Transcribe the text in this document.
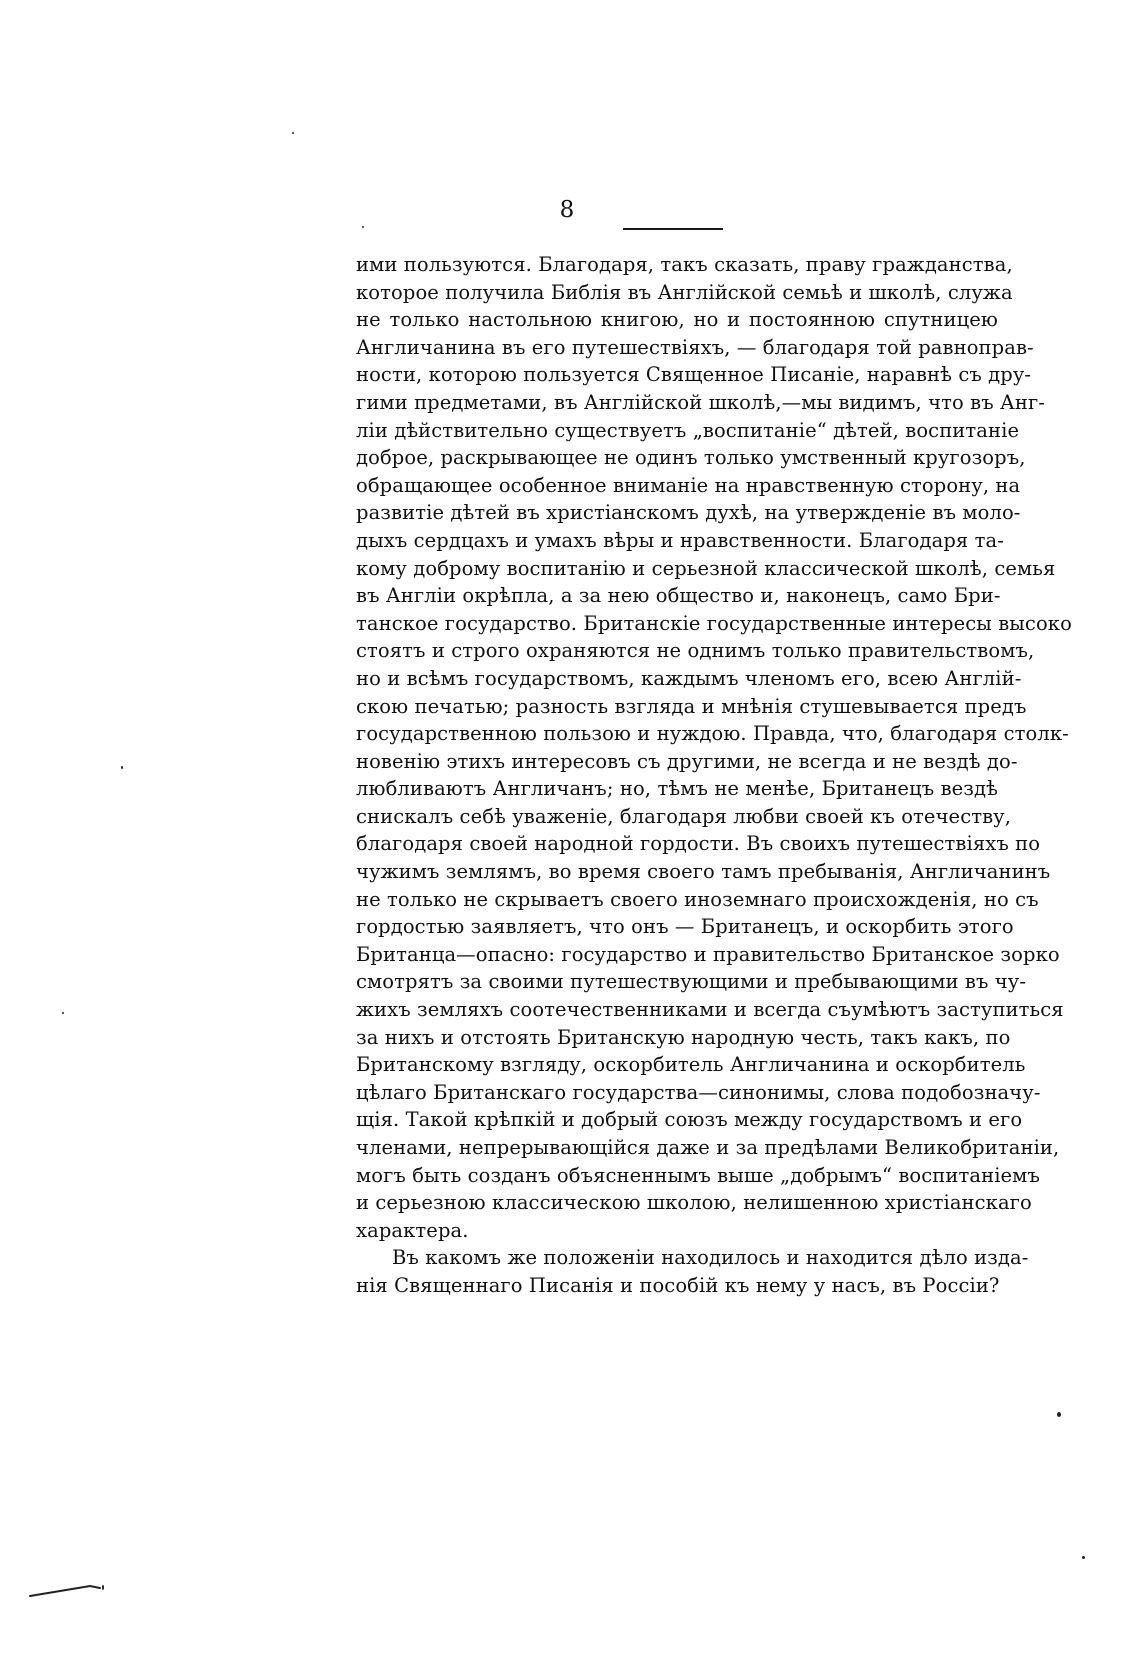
8
ими пользуются. Благодаря, такъ сказать, праву гражданства,
которое получила Библія въ Англійской семьѣ и школѣ, служа
не только настольною книгою, но и постоянною спутницею
Англичанина въ его путешествіяхъ, — благодаря той равноправ-
ности, которою пользуется Священное Писаніе, наравнѣ съ дру-
гими предметами, въ Англійской школѣ,—мы видимъ, что въ Анг-
ліи дѣйствительно существуетъ „воспитаніе“ дѣтей, воспитаніе
доброе, раскрывающее не одинъ только умственный кругозоръ,
обращающее особенное вниманіе на нравственную сторону, на
развитіе дѣтей въ христіанскомъ духѣ, на утвержденіе въ моло-
дыхъ сердцахъ и умахъ вѣры и нравственности. Благодаря та-
кому доброму воспитанію и серьезной классической школѣ, семья
въ Англіи окрѣпла, а за нею общество и, наконецъ, само Бри-
танское государство. Британскіе государственные интересы высоко
стоятъ и строго охраняются не однимъ только правительствомъ,
но и всѣмъ государствомъ, каждымъ членомъ его, всею Англій-
скою печатью; разность взгляда и мнѣнія стушевывается предъ
государственною пользою и нуждою. Правда, что, благодаря столк-
новенію этихъ интересовъ съ другими, не всегда и не вездѣ до-
любливаютъ Англичанъ; но, тѣмъ не менѣе, Британецъ вездѣ
снискалъ себѣ уваженіе, благодаря любви своей къ отечеству,
благодаря своей народной гордости. Въ своихъ путешествіяхъ по
чужимъ землямъ, во время своего тамъ пребыванія, Англичанинъ
не только не скрываетъ своего иноземнаго происхожденія, но съ
гордостью заявляетъ, что онъ — Британецъ, и оскорбить этого
Британца—опасно: государство и правительство Британское зорко
смотрятъ за своими путешествующими и пребывающими въ чу-
жихъ земляхъ соотечественниками и всегда съумѣютъ заступиться
за нихъ и отстоять Британскую народную честь, такъ какъ, по
Британскому взгляду, оскорбитель Англичанина и оскорбитель
цѣлаго Британскаго государства—синонимы, слова подобозначу-
щія. Такой крѣпкій и добрый союзъ между государствомъ и его
членами, непрерывающійся даже и за предѣлами Великобританіи,
могъ быть созданъ объясненнымъ выше „добрымъ“ воспитаніемъ
и серьезною классическою школою, нелишенною христіанскаго
характера.
Въ какомъ же положеніи находилось и находится дѣло изда-
нія Священнаго Писанія и пособій къ нему у насъ, въ Россіи?
